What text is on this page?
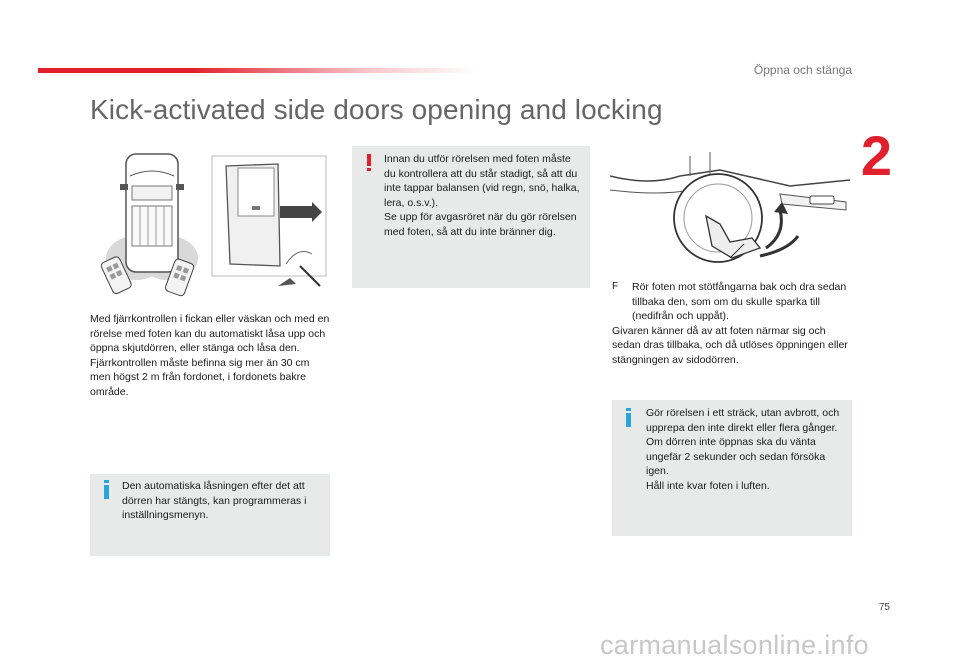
Öppna och stänga
2
Kick-activated side doors opening and locking
Innan du utför rörelsen med foten måste du kontrollera att du står stadigt, så att du inte tappar balansen (vid regn, snö, halka, lera, o.s.v.).
Se upp för avgasröret när du gör rörelsen med foten, så att du inte bränner dig.
Med fjärrkontrollen i fickan eller väskan och med en rörelse med foten kan du automatiskt låsa upp och öppna skjutdörren, eller stänga och låsa den.
Fjärrkontrollen måste befinna sig mer än 30 cm men högst 2 m från fordonet, i fordonets bakre område.
Den automatiska låsningen efter det att dörren har stängts, kan programmeras i inställningsmenyn.
F	Rör foten mot stötfångarna bak och dra sedan tillbaka den, som om du skulle sparka till (nedifrån och uppåt).
Givaren känner då av att foten närmar sig och sedan dras tillbaka, och då utlöses öppningen eller stängningen av sidodörren.
Gör rörelsen i ett sträck, utan avbrott, och upprepa den inte direkt eller flera gånger.
Om dörren inte öppnas ska du vänta ungefär 2 sekunder och sedan försöka igen.
Håll inte kvar foten i luften.
75
carmanualsonline.info
